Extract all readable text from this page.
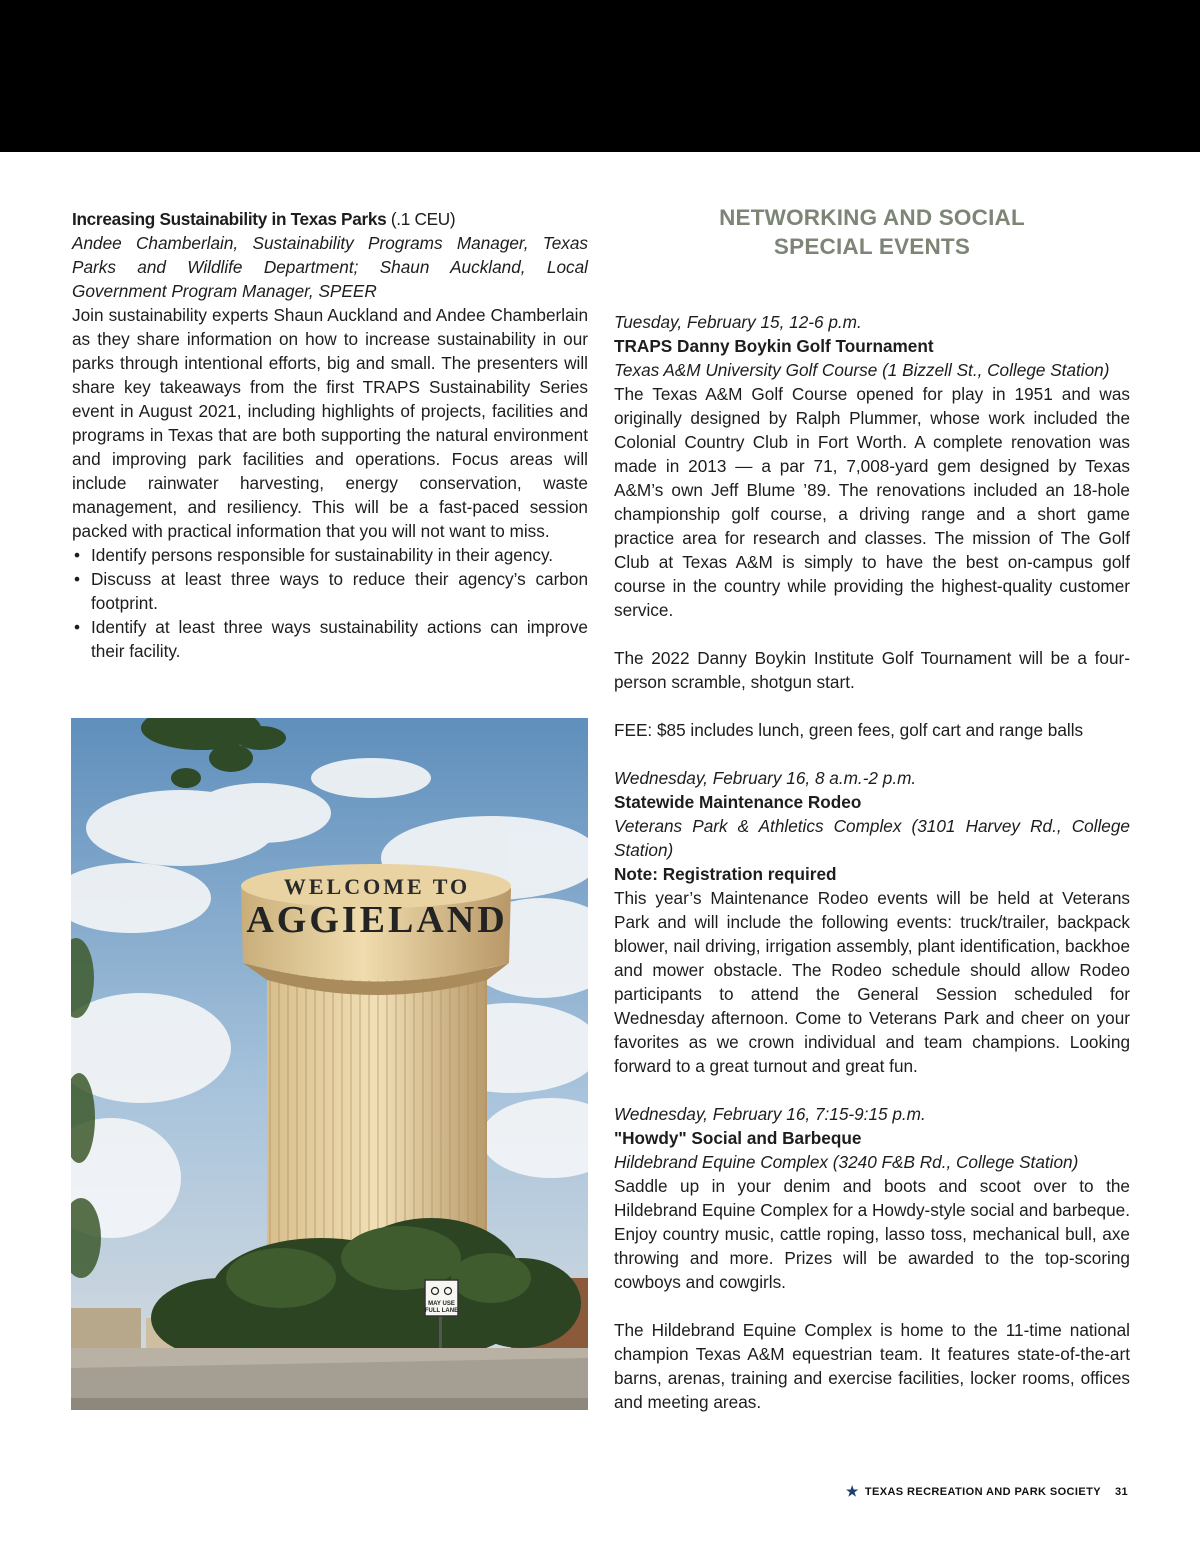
Increasing Sustainability in Texas Parks (.1 CEU)
Andee Chamberlain, Sustainability Programs Manager, Texas Parks and Wildlife Department; Shaun Auckland, Local Government Program Manager, SPEER
Join sustainability experts Shaun Auckland and Andee Chamberlain as they share information on how to increase sustainability in our parks through intentional efforts, big and small. The presenters will share key takeaways from the first TRAPS Sustainability Series event in August 2021, including highlights of projects, facilities and programs in Texas that are both supporting the natural environment and improving park facilities and operations. Focus areas will include rainwater harvesting, energy conservation, waste management, and resiliency. This will be a fast-paced session packed with practical information that you will not want to miss.
• Identify persons responsible for sustainability in their agency.
• Discuss at least three ways to reduce their agency’s carbon footprint.
• Identify at least three ways sustainability actions can improve their facility.
WELCOME TO
AGGIELAND
MAY USE
FULL LANE
NETWORKING AND SOCIAL
SPECIAL EVENTS
Tuesday, February 15, 12-6 p.m.
TRAPS Danny Boykin Golf Tournament
Texas A&M University Golf Course (1 Bizzell St., College Station)
The Texas A&M Golf Course opened for play in 1951 and was originally designed by Ralph Plummer, whose work included the Colonial Country Club in Fort Worth. A complete renovation was made in 2013 — a par 71, 7,008-yard gem designed by Texas A&M’s own Jeff Blume ’89. The renovations included an 18-hole championship golf course, a driving range and a short game practice area for research and classes. The mission of The Golf Club at Texas A&M is simply to have the best on-campus golf course in the country while providing the highest-quality customer service.
The 2022 Danny Boykin Institute Golf Tournament will be a four-person scramble, shotgun start.
FEE: $85 includes lunch, green fees, golf cart and range balls
Wednesday, February 16, 8 a.m.-2 p.m.
Statewide Maintenance Rodeo
Veterans Park & Athletics Complex (3101 Harvey Rd., College Station)
Note: Registration required
This year’s Maintenance Rodeo events will be held at Veterans Park and will include the following events: truck/trailer, backpack blower, nail driving, irrigation assembly, plant identification, backhoe and mower obstacle. The Rodeo schedule should allow Rodeo participants to attend the General Session scheduled for Wednesday afternoon. Come to Veterans Park and cheer on your favorites as we crown individual and team champions. Looking forward to a great turnout and great fun.
Wednesday, February 16, 7:15-9:15 p.m.
"Howdy" Social and Barbeque
Hildebrand Equine Complex (3240 F&B Rd., College Station)
Saddle up in your denim and boots and scoot over to the Hildebrand Equine Complex for a Howdy-style social and barbeque. Enjoy country music, cattle roping, lasso toss, mechanical bull, axe throwing and more. Prizes will be awarded to the top-scoring cowboys and cowgirls.
The Hildebrand Equine Complex is home to the 11-time national champion Texas A&M equestrian team. It features state-of-the-art barns, arenas, training and exercise facilities, locker rooms, offices and meeting areas.
★ TEXAS RECREATION AND PARK SOCIETY 31
